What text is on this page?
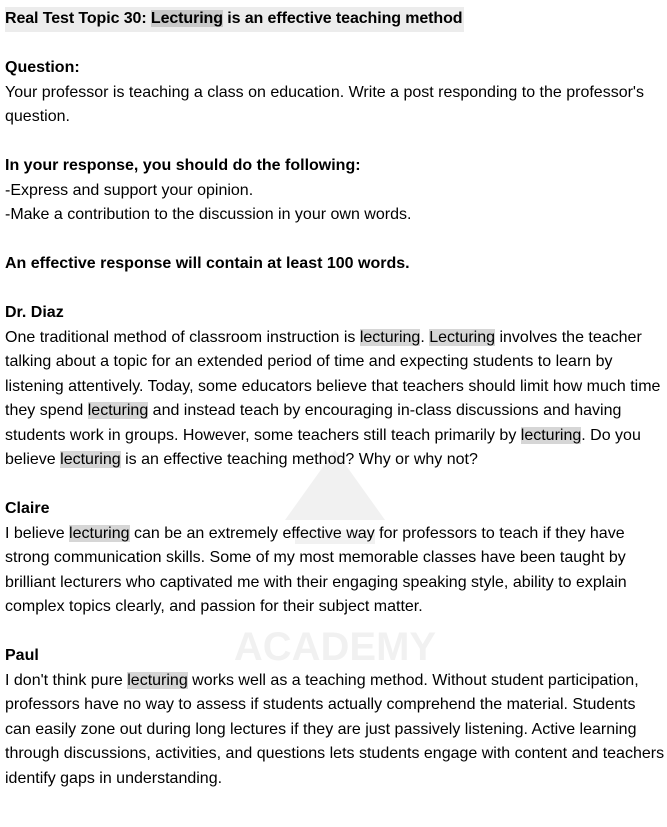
ACADEMY
Real Test Topic 30: Lecturing is an effective teaching method

Question:

Your professor is teaching a class on education. Write a post responding to the professor's question.

In your response, you should do the following:

-Express and support your opinion.

-Make a contribution to the discussion in your own words.

An effective response will contain at least 100 words.

Dr. Diaz

One traditional method of classroom instruction is lecturing. Lecturing involves the teacher talking about a topic for an extended period of time and expecting students to learn by listening attentively. Today, some educators believe that teachers should limit how much time they spend lecturing and instead teach by encouraging in-class discussions and having students work in groups. However, some teachers still teach primarily by lecturing. Do you believe lecturing is an effective teaching method? Why or why not?

Claire

I believe lecturing can be an extremely effective way for professors to teach if they have strong communication skills. Some of my most memorable classes have been taught by brilliant lecturers who captivated me with their engaging speaking style, ability to explain complex topics clearly, and passion for their subject matter.

Paul

I don't think pure lecturing works well as a teaching method. Without student participation, professors have no way to assess if students actually comprehend the material. Students can easily zone out during long lectures if they are just passively listening. Active learning through discussions, activities, and questions lets students engage with content and teachers identify gaps in understanding.
